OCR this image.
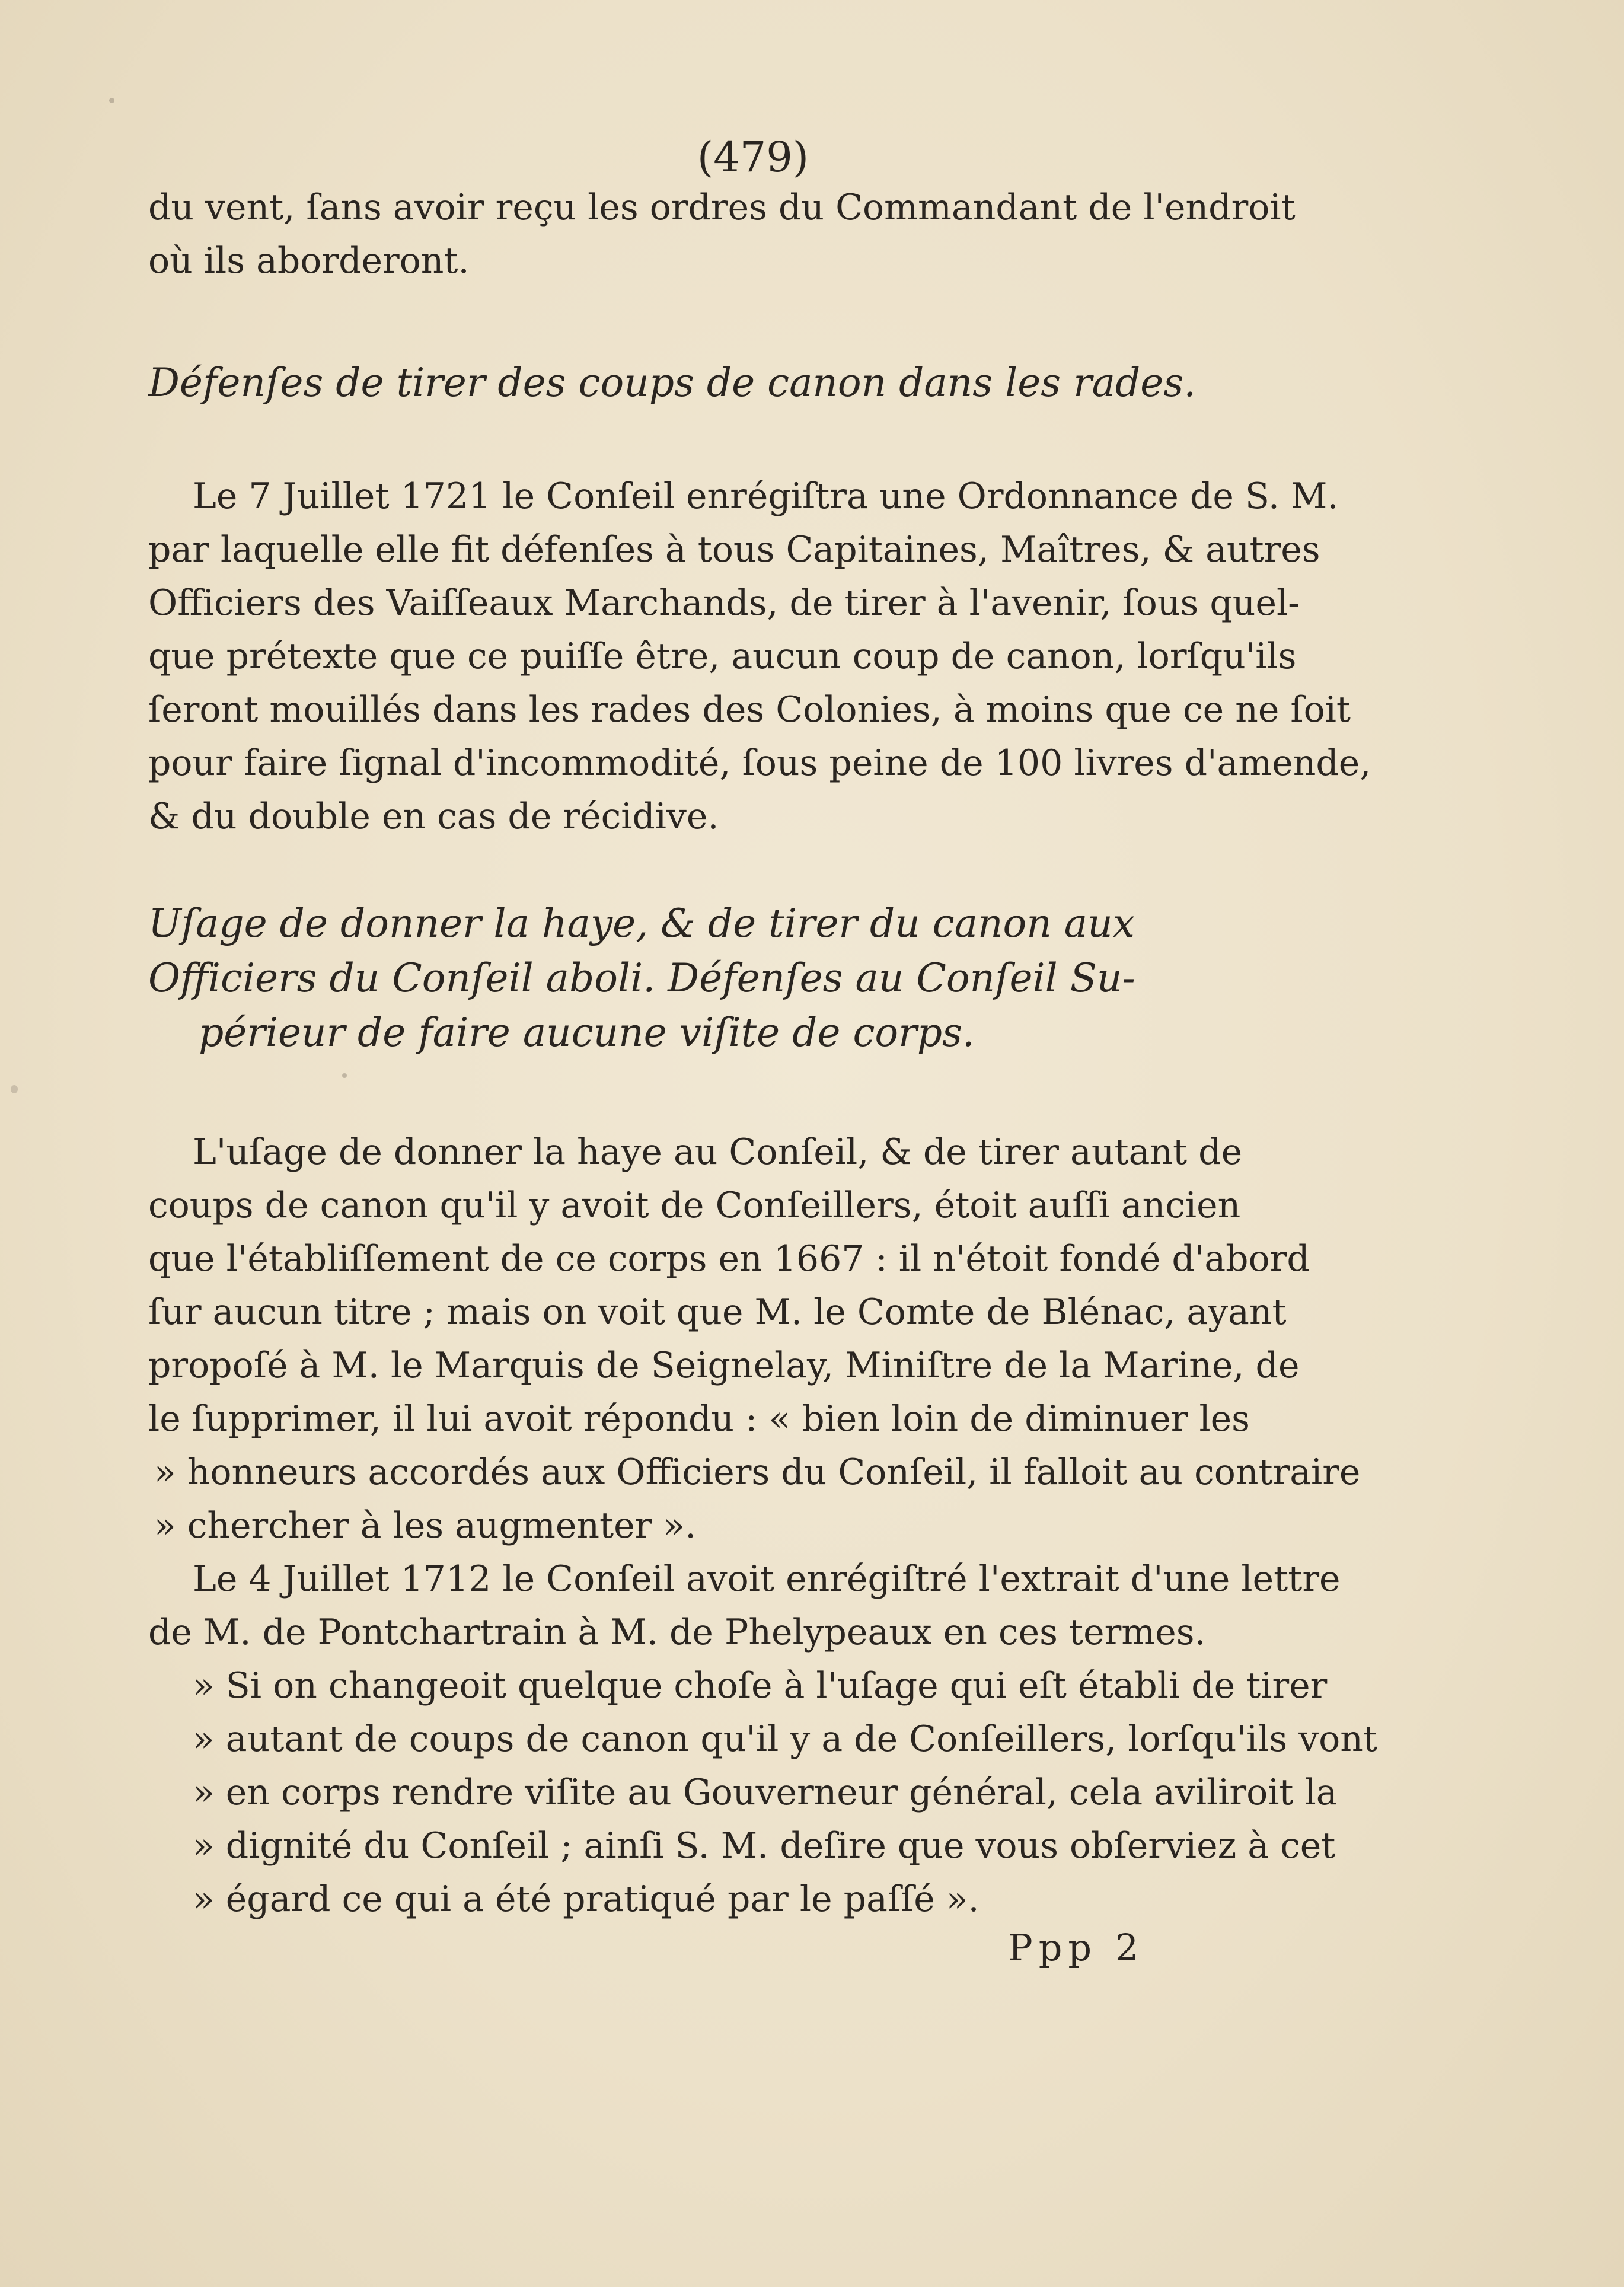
(479)
du vent, ſans avoir reçu les ordres du Commandant de l'endroit
où ils aborderont.
Défenſes de tirer des coups de canon dans les rades.
Le 7 Juillet 1721 le Conſeil enrégiſtra une Ordonnance de S. M.
par laquelle elle fit défenſes à tous Capitaines, Maîtres, & autres
Officiers des Vaiſſeaux Marchands, de tirer à l'avenir, ſous quel-
que prétexte que ce puiſſe être, aucun coup de canon, lorſqu'ils
ſeront mouillés dans les rades des Colonies, à moins que ce ne ſoit
pour faire ſignal d'incommodité, ſous peine de 100 livres d'amende,
& du double en cas de récidive.
Uſage de donner la haye, & de tirer du canon aux
Officiers du Conſeil aboli. Défenſes au Conſeil Su-
périeur de faire aucune viſite de corps.
L'uſage de donner la haye au Conſeil, & de tirer autant de
coups de canon qu'il y avoit de Conſeillers, étoit auſſi ancien
que l'établiſſement de ce corps en 1667 : il n'étoit fondé d'abord
ſur aucun titre ; mais on voit que M. le Comte de Blénac, ayant
propoſé à M. le Marquis de Seignelay, Miniſtre de la Marine, de
le ſupprimer, il lui avoit répondu : « bien loin de diminuer les
» honneurs accordés aux Officiers du Conſeil, il falloit au contraire
» chercher à les augmenter ».
Le 4 Juillet 1712 le Conſeil avoit enrégiſtré l'extrait d'une lettre
de M. de Pontchartrain à M. de Phelypeaux en ces termes.
» Si on changeoit quelque choſe à l'uſage qui eſt établi de tirer
» autant de coups de canon qu'il y a de Conſeillers, lorſqu'ils vont
» en corps rendre viſite au Gouverneur général, cela aviliroit la
» dignité du Conſeil ; ainſi S. M. deſire que vous obſerviez à cet
» égard ce qui a été pratiqué par le paſſé ».
Ppp 2
